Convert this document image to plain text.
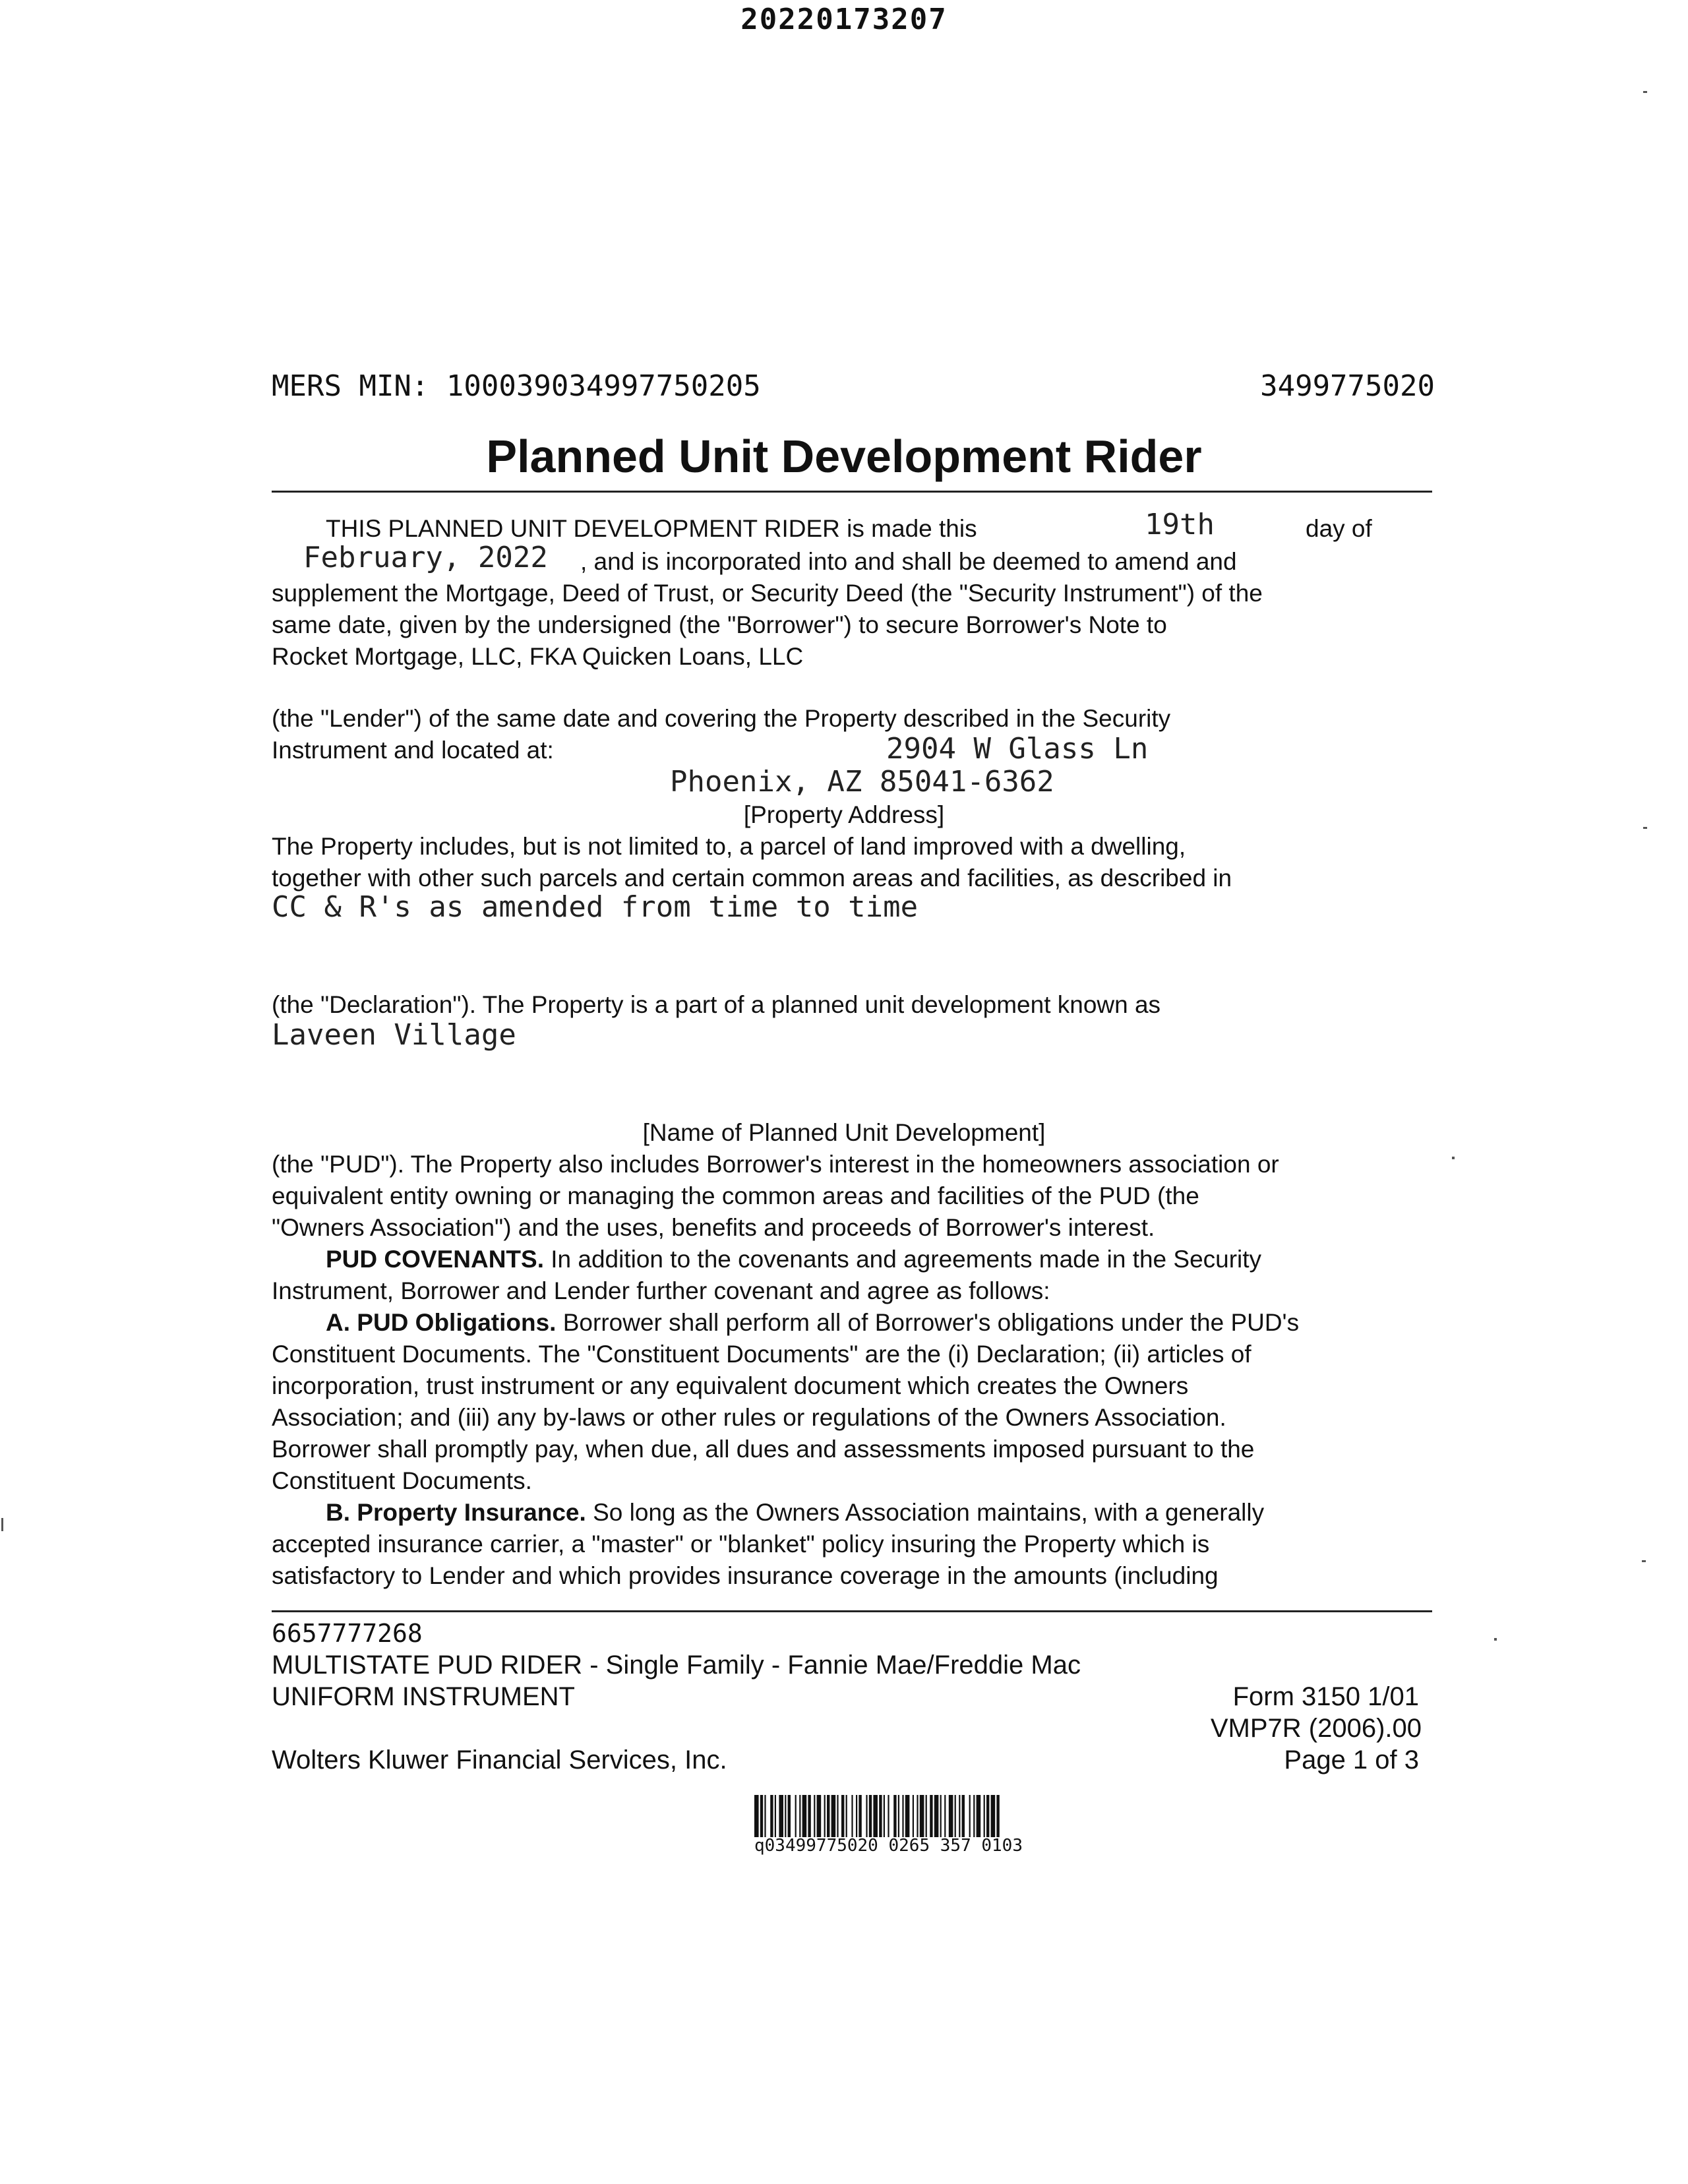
20220173207
MERS MIN: 100039034997750205	3499775020
Planned Unit Development Rider
THIS PLANNED UNIT DEVELOPMENT RIDER is made this	19th	day of
February, 2022 , and is incorporated into and shall be deemed to amend and
supplement the Mortgage, Deed of Trust, or Security Deed (the "Security Instrument") of the
same date, given by the undersigned (the "Borrower") to secure Borrower's Note to
Rocket Mortgage, LLC, FKA Quicken Loans, LLC
(the "Lender") of the same date and covering the Property described in the Security
Instrument and located at:	2904 W Glass Ln
Phoenix, AZ 85041-6362
[Property Address]
The Property includes, but is not limited to, a parcel of land improved with a dwelling,
together with other such parcels and certain common areas and facilities, as described in
CC & R's as amended from time to time
(the "Declaration"). The Property is a part of a planned unit development known as
Laveen Village
[Name of Planned Unit Development]
(the "PUD"). The Property also includes Borrower's interest in the homeowners association or
equivalent entity owning or managing the common areas and facilities of the PUD (the
"Owners Association") and the uses, benefits and proceeds of Borrower's interest.
PUD COVENANTS. In addition to the covenants and agreements made in the Security
Instrument, Borrower and Lender further covenant and agree as follows:
A. PUD Obligations. Borrower shall perform all of Borrower's obligations under the PUD's
Constituent Documents. The "Constituent Documents" are the (i) Declaration; (ii) articles of
incorporation, trust instrument or any equivalent document which creates the Owners
Association; and (iii) any by-laws or other rules or regulations of the Owners Association.
Borrower shall promptly pay, when due, all dues and assessments imposed pursuant to the
Constituent Documents.
B. Property Insurance. So long as the Owners Association maintains, with a generally
accepted insurance carrier, a "master" or "blanket" policy insuring the Property which is
satisfactory to Lender and which provides insurance coverage in the amounts (including
6657777268
MULTISTATE PUD RIDER - Single Family - Fannie Mae/Freddie Mac
UNIFORM INSTRUMENT	Form 3150 1/01
VMP7R (2006).00
Wolters Kluwer Financial Services, Inc.	Page 1 of 3
q03499775020 0265 357 0103
